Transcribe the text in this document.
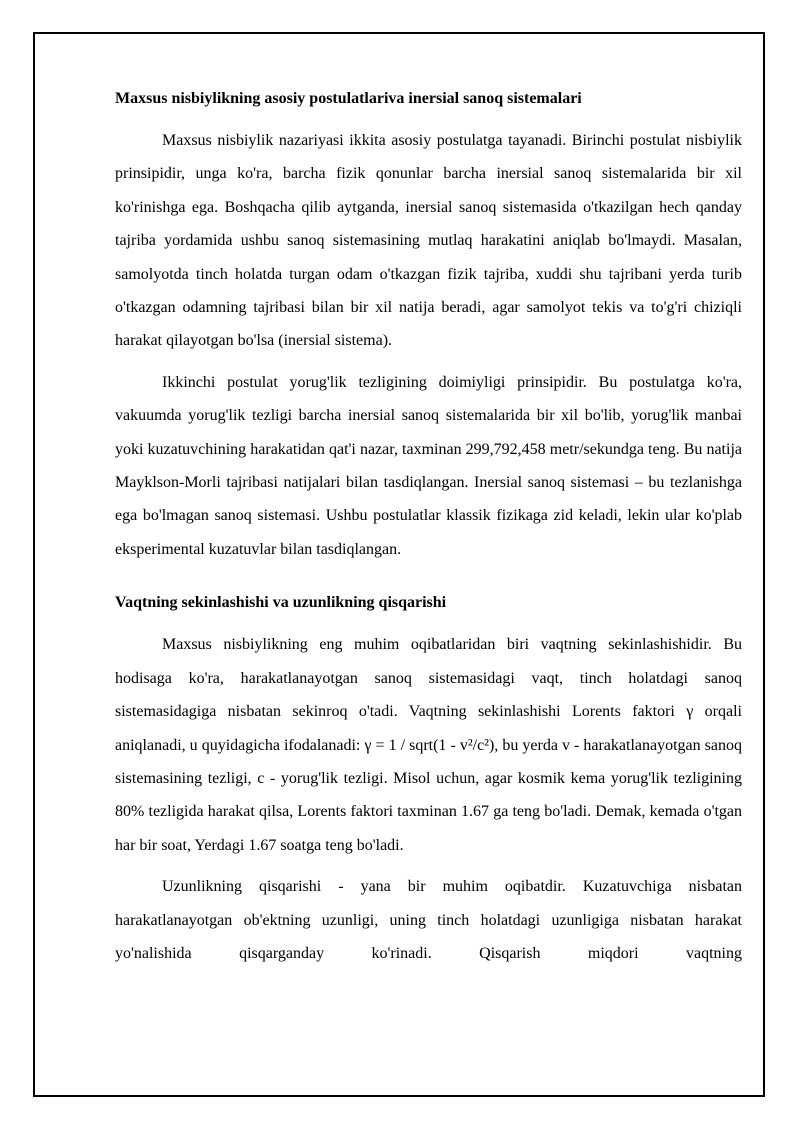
Maxsus nisbiylikning asosiy postulatlariva inersial sanoq sistemalari

Maxsus nisbiylik nazariyasi ikkita asosiy postulatga tayanadi. Birinchi postulat nisbiylik prinsipidir, unga ko'ra, barcha fizik qonunlar barcha inersial sanoq sistemalarida bir xil ko'rinishga ega. Boshqacha qilib aytganda, inersial sanoq sistemasida o'tkazilgan hech qanday tajriba yordamida ushbu sanoq sistemasining mutlaq harakatini aniqlab bo'lmaydi. Masalan, samolyotda tinch holatda turgan odam o'tkazgan fizik tajriba, xuddi shu tajribani yerda turib o'tkazgan odamning tajribasi bilan bir xil natija beradi, agar samolyot tekis va to'g'ri chiziqli harakat qilayotgan bo'lsa (inersial sistema).

Ikkinchi postulat yorug'lik tezligining doimiyligi prinsipidir. Bu postulatga ko'ra, vakuumda yorug'lik tezligi barcha inersial sanoq sistemalarida bir xil bo'lib, yorug'lik manbai yoki kuzatuvchining harakatidan qat'i nazar, taxminan 299,792,458 metr/sekundga teng. Bu natija Mayklson-Morli tajribasi natijalari bilan tasdiqlangan. Inersial sanoq sistemasi – bu tezlanishga ega bo'lmagan sanoq sistemasi. Ushbu postulatlar klassik fizikaga zid keladi, lekin ular ko'plab eksperimental kuzatuvlar bilan tasdiqlangan.

Vaqtning sekinlashishi va uzunlikning qisqarishi

Maxsus nisbiylikning eng muhim oqibatlaridan biri vaqtning sekinlashishidir. Bu hodisaga ko'ra, harakatlanayotgan sanoq sistemasidagi vaqt, tinch holatdagi sanoq sistemasidagiga nisbatan sekinroq o'tadi. Vaqtning sekinlashishi Lorents faktori γ orqali aniqlanadi, u quyidagicha ifodalanadi: γ = 1 / sqrt(1 - v²/c²), bu yerda v - harakatlanayotgan sanoq sistemasining tezligi, c - yorug'lik tezligi. Misol uchun, agar kosmik kema yorug'lik tezligining 80% tezligida harakat qilsa, Lorents faktori taxminan 1.67 ga teng bo'ladi. Demak, kemada o'tgan har bir soat, Yerdagi 1.67 soatga teng bo'ladi.

Uzunlikning qisqarishi - yana bir muhim oqibatdir. Kuzatuvchiga nisbatan harakatlanayotgan ob'ektning uzunligi, uning tinch holatdagi uzunligiga nisbatan harakat yo'nalishida qisqarganday ko'rinadi. Qisqarish miqdori vaqtning
